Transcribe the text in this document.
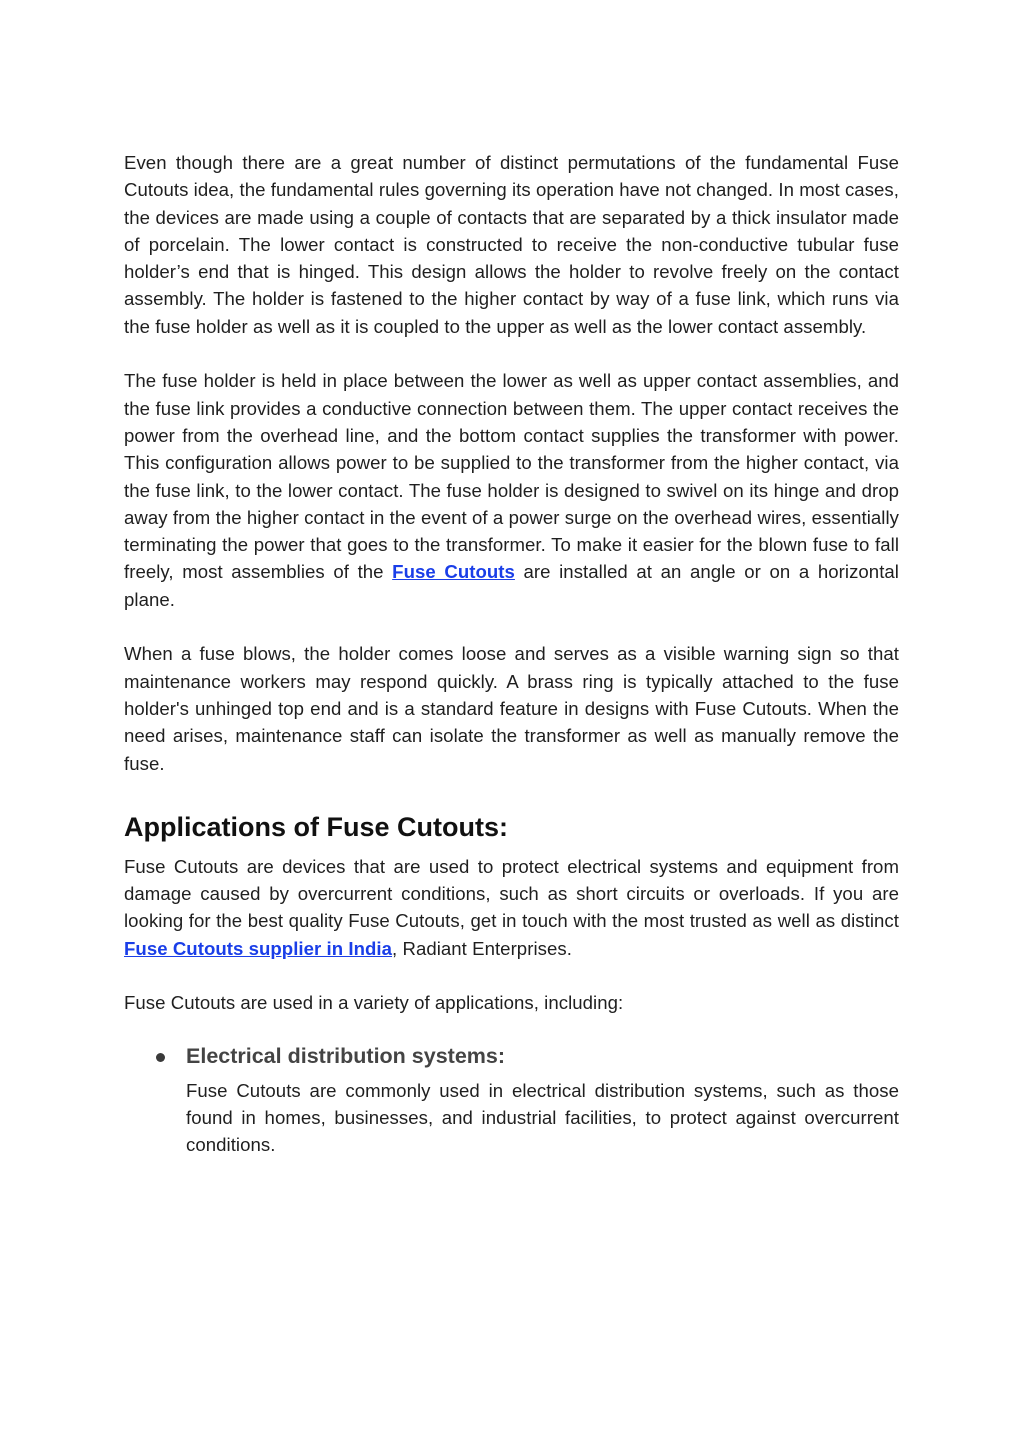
Even though there are a great number of distinct permutations of the fundamental Fuse Cutouts idea, the fundamental rules governing its operation have not changed. In most cases, the devices are made using a couple of contacts that are separated by a thick insulator made of porcelain. The lower contact is constructed to receive the non-conductive tubular fuse holder’s end that is hinged. This design allows the holder to revolve freely on the contact assembly. The holder is fastened to the higher contact by way of a fuse link, which runs via the fuse holder as well as it is coupled to the upper as well as the lower contact assembly.

The fuse holder is held in place between the lower as well as upper contact assemblies, and the fuse link provides a conductive connection between them. The upper contact receives the power from the overhead line, and the bottom contact supplies the transformer with power. This configuration allows power to be supplied to the transformer from the higher contact, via the fuse link, to the lower contact. The fuse holder is designed to swivel on its hinge and drop away from the higher contact in the event of a power surge on the overhead wires, essentially terminating the power that goes to the transformer. To make it easier for the blown fuse to fall freely, most assemblies of the Fuse Cutouts are installed at an angle or on a horizontal plane.

When a fuse blows, the holder comes loose and serves as a visible warning sign so that maintenance workers may respond quickly. A brass ring is typically attached to the fuse holder's unhinged top end and is a standard feature in designs with Fuse Cutouts. When the need arises, maintenance staff can isolate the transformer as well as manually remove the fuse.

Applications of Fuse Cutouts:

Fuse Cutouts are devices that are used to protect electrical systems and equipment from damage caused by overcurrent conditions, such as short circuits or overloads. If you are looking for the best quality Fuse Cutouts, get in touch with the most trusted as well as distinct Fuse Cutouts supplier in India, Radiant Enterprises.

Fuse Cutouts are used in a variety of applications, including:

Electrical distribution systems:

Fuse Cutouts are commonly used in electrical distribution systems, such as those found in homes, businesses, and industrial facilities, to protect against overcurrent conditions.
